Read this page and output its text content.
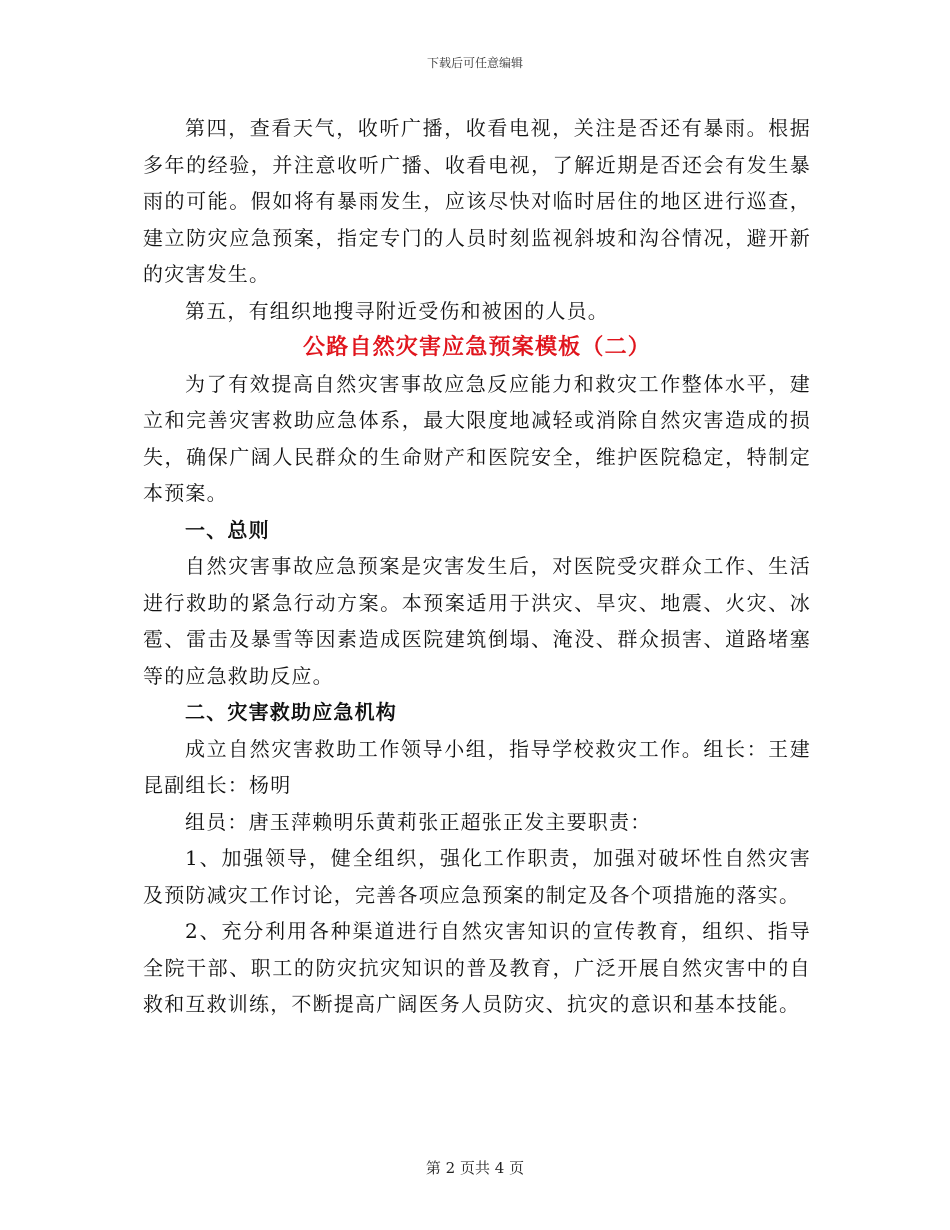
下载后可任意编辑

第四，查看天气，收听广播，收看电视，关注是否还有暴雨。根据多年的经验，并注意收听广播、收看电视，了解近期是否还会有发生暴雨的可能。假如将有暴雨发生，应该尽快对临时居住的地区进行巡查，建立防灾应急预案，指定专门的人员时刻监视斜坡和沟谷情况，避开新的灾害发生。

第五，有组织地搜寻附近受伤和被困的人员。

公路自然灾害应急预案模板（二）

为了有效提高自然灾害事故应急反应能力和救灾工作整体水平，建立和完善灾害救助应急体系，最大限度地减轻或消除自然灾害造成的损失，确保广阔人民群众的生命财产和医院安全，维护医院稳定，特制定本预案。

一、总则

自然灾害事故应急预案是灾害发生后，对医院受灾群众工作、生活进行救助的紧急行动方案。本预案适用于洪灾、旱灾、地震、火灾、冰雹、雷击及暴雪等因素造成医院建筑倒塌、淹没、群众损害、道路堵塞等的应急救助反应。

二、灾害救助应急机构

成立自然灾害救助工作领导小组，指导学校救灾工作。组长：王建昆副组长：杨明

组员：唐玉萍赖明乐黄莉张正超张正发主要职责：

1、加强领导，健全组织，强化工作职责，加强对破坏性自然灾害及预防减灾工作讨论，完善各项应急预案的制定及各个项措施的落实。

2、充分利用各种渠道进行自然灾害知识的宣传教育，组织、指导全院干部、职工的防灾抗灾知识的普及教育，广泛开展自然灾害中的自救和互救训练，不断提高广阔医务人员防灾、抗灾的意识和基本技能。

第 2 页共 4 页
